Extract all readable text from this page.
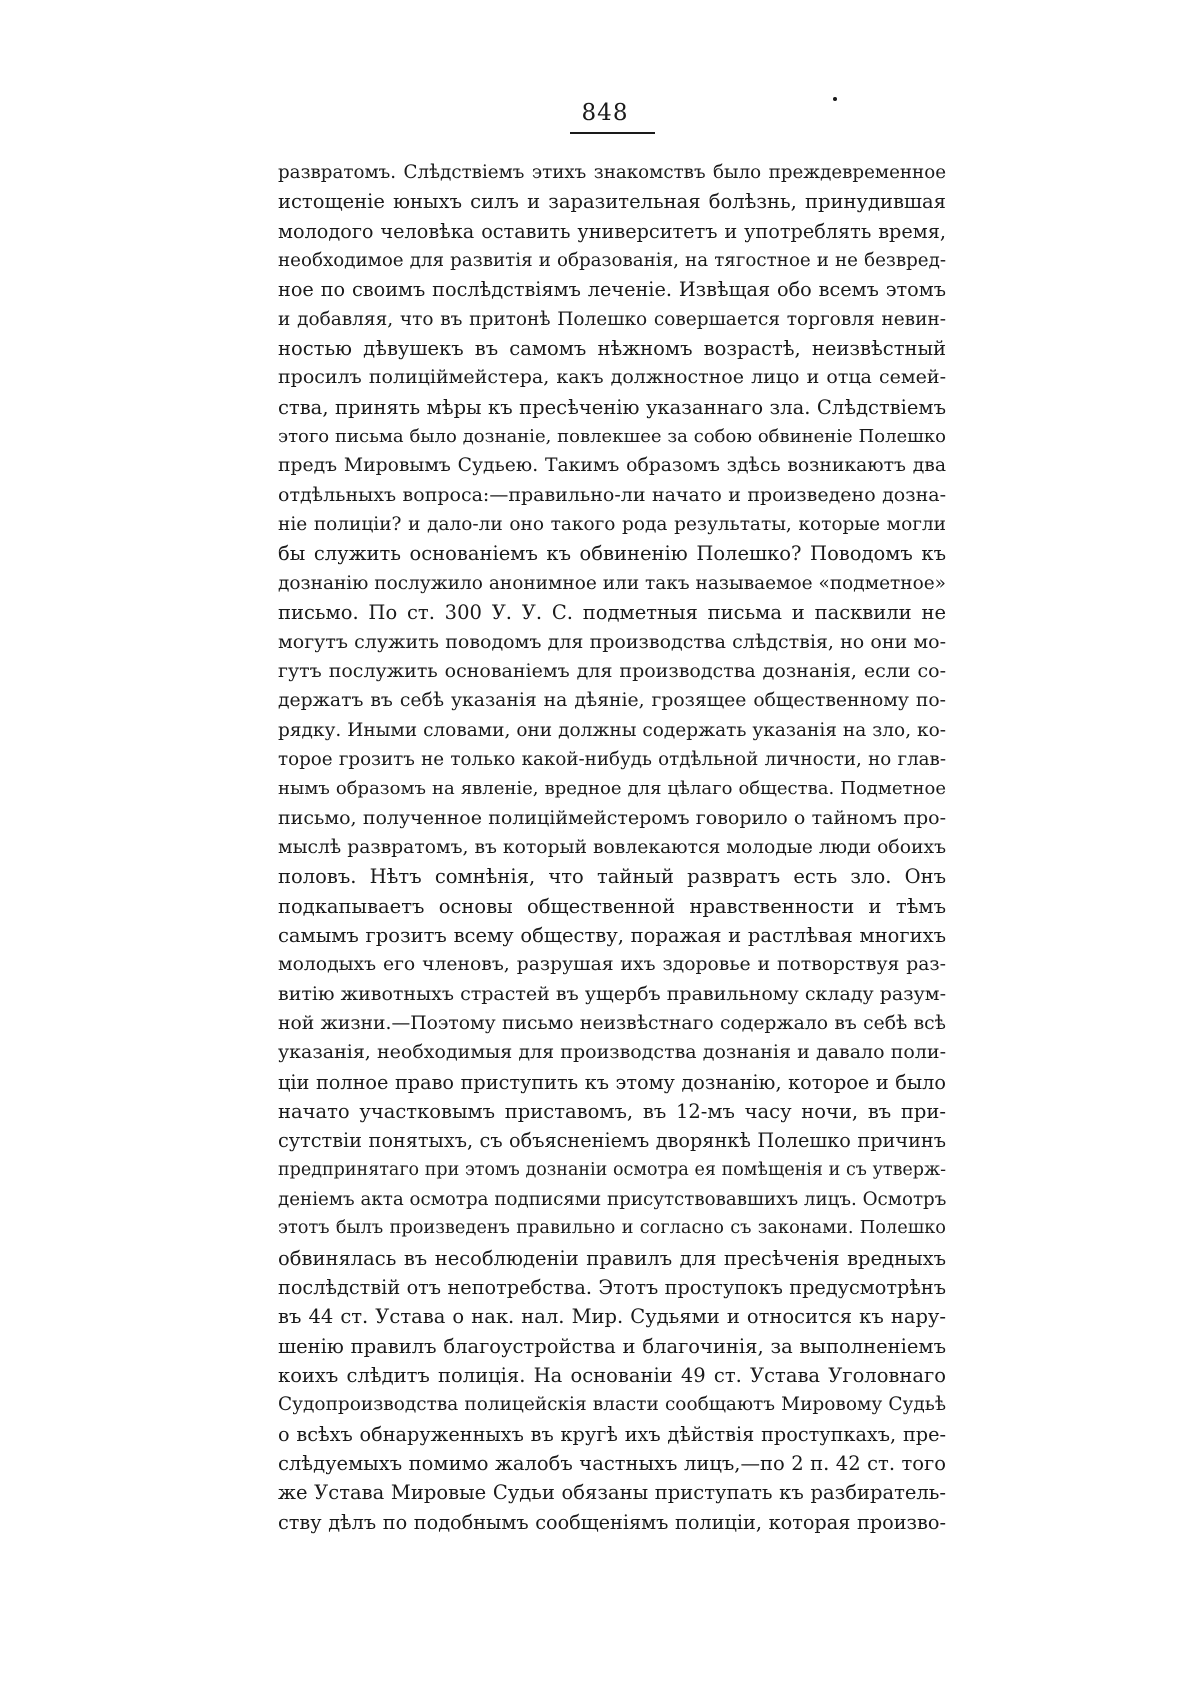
848
развратомъ. Слѣдствіемъ этихъ знакомствъ было преждевременное
истощеніе юныхъ силъ и заразительная болѣзнь, принудившая
молодого человѣка оставить университетъ и употреблять время,
необходимое для развитія и образованія, на тягостное и не безвред-
ное по своимъ послѣдствіямъ леченіе. Извѣщая обо всемъ этомъ
и добавляя, что въ притонѣ Полешко совершается торговля невин-
ностью дѣвушекъ въ самомъ нѣжномъ возрастѣ, неизвѣстный
просилъ полиціймейстера, какъ должностное лицо и отца семей-
ства, принять мѣры къ пресѣченію указаннаго зла. Слѣдствіемъ
этого письма было дознаніе, повлекшее за собою обвиненіе Полешко
предъ Мировымъ Судьею. Такимъ образомъ здѣсь возникаютъ два
отдѣльныхъ вопроса:—правильно-ли начато и произведено дозна-
ніе полиціи? и дало-ли оно такого рода результаты, которые могли
бы служить основаніемъ къ обвиненію Полешко? Поводомъ къ
дознанію послужило анонимное или такъ называемое «подметное»
письмо. По ст. 300 У. У. С. подметныя письма и пасквили не
могутъ служить поводомъ для производства слѣдствія, но они мо-
гутъ послужить основаніемъ для производства дознанія, если со-
держатъ въ себѣ указанія на дѣяніе, грозящее общественному по-
рядку. Иными словами, они должны содержать указанія на зло, ко-
торое грозитъ не только какой-нибудь отдѣльной личности, но глав-
нымъ образомъ на явленіе, вредное для цѣлаго общества. Подметное
письмо, полученное полиціймейстеромъ говорило о тайномъ про-
мыслѣ развратомъ, въ который вовлекаются молодые люди обоихъ
половъ. Нѣтъ сомнѣнія, что тайный развратъ есть зло. Онъ
подкапываетъ основы общественной нравственности и тѣмъ
самымъ грозитъ всему обществу, поражая и растлѣвая многихъ
молодыхъ его членовъ, разрушая ихъ здоровье и потворствуя раз-
витію животныхъ страстей въ ущербъ правильному складу разум-
ной жизни.—Поэтому письмо неизвѣстнаго содержало въ себѣ всѣ
указанія, необходимыя для производства дознанія и давало поли-
ціи полное право приступить къ этому дознанію, которое и было
начато участковымъ приставомъ, въ 12-мъ часу ночи, въ при-
сутствіи понятыхъ, съ объясненіемъ дворянкѣ Полешко причинъ
предпринятаго при этомъ дознаніи осмотра ея помѣщенія и съ утверж-
деніемъ акта осмотра подписями присутствовавшихъ лицъ. Осмотръ
этотъ былъ произведенъ правильно и согласно съ законами. Полешко
обвинялась въ несоблюденіи правилъ для пресѣченія вредныхъ
послѣдствій отъ непотребства. Этотъ проступокъ предусмотрѣнъ
въ 44 ст. Устава о нак. нал. Мир. Судьями и относится къ нару-
шенію правилъ благоустройства и благочинія, за выполненіемъ
коихъ слѣдитъ полиція. На основаніи 49 ст. Устава Уголовнаго
Судопроизводства полицейскія власти сообщаютъ Мировому Судьѣ
о всѣхъ обнаруженныхъ въ кругѣ ихъ дѣйствія проступкахъ, пре-
слѣдуемыхъ помимо жалобъ частныхъ лицъ,—по 2 п. 42 ст. того
же Устава Мировые Судьи обязаны приступать къ разбиратель-
ству дѣлъ по подобнымъ сообщеніямъ полиціи, которая произво-
